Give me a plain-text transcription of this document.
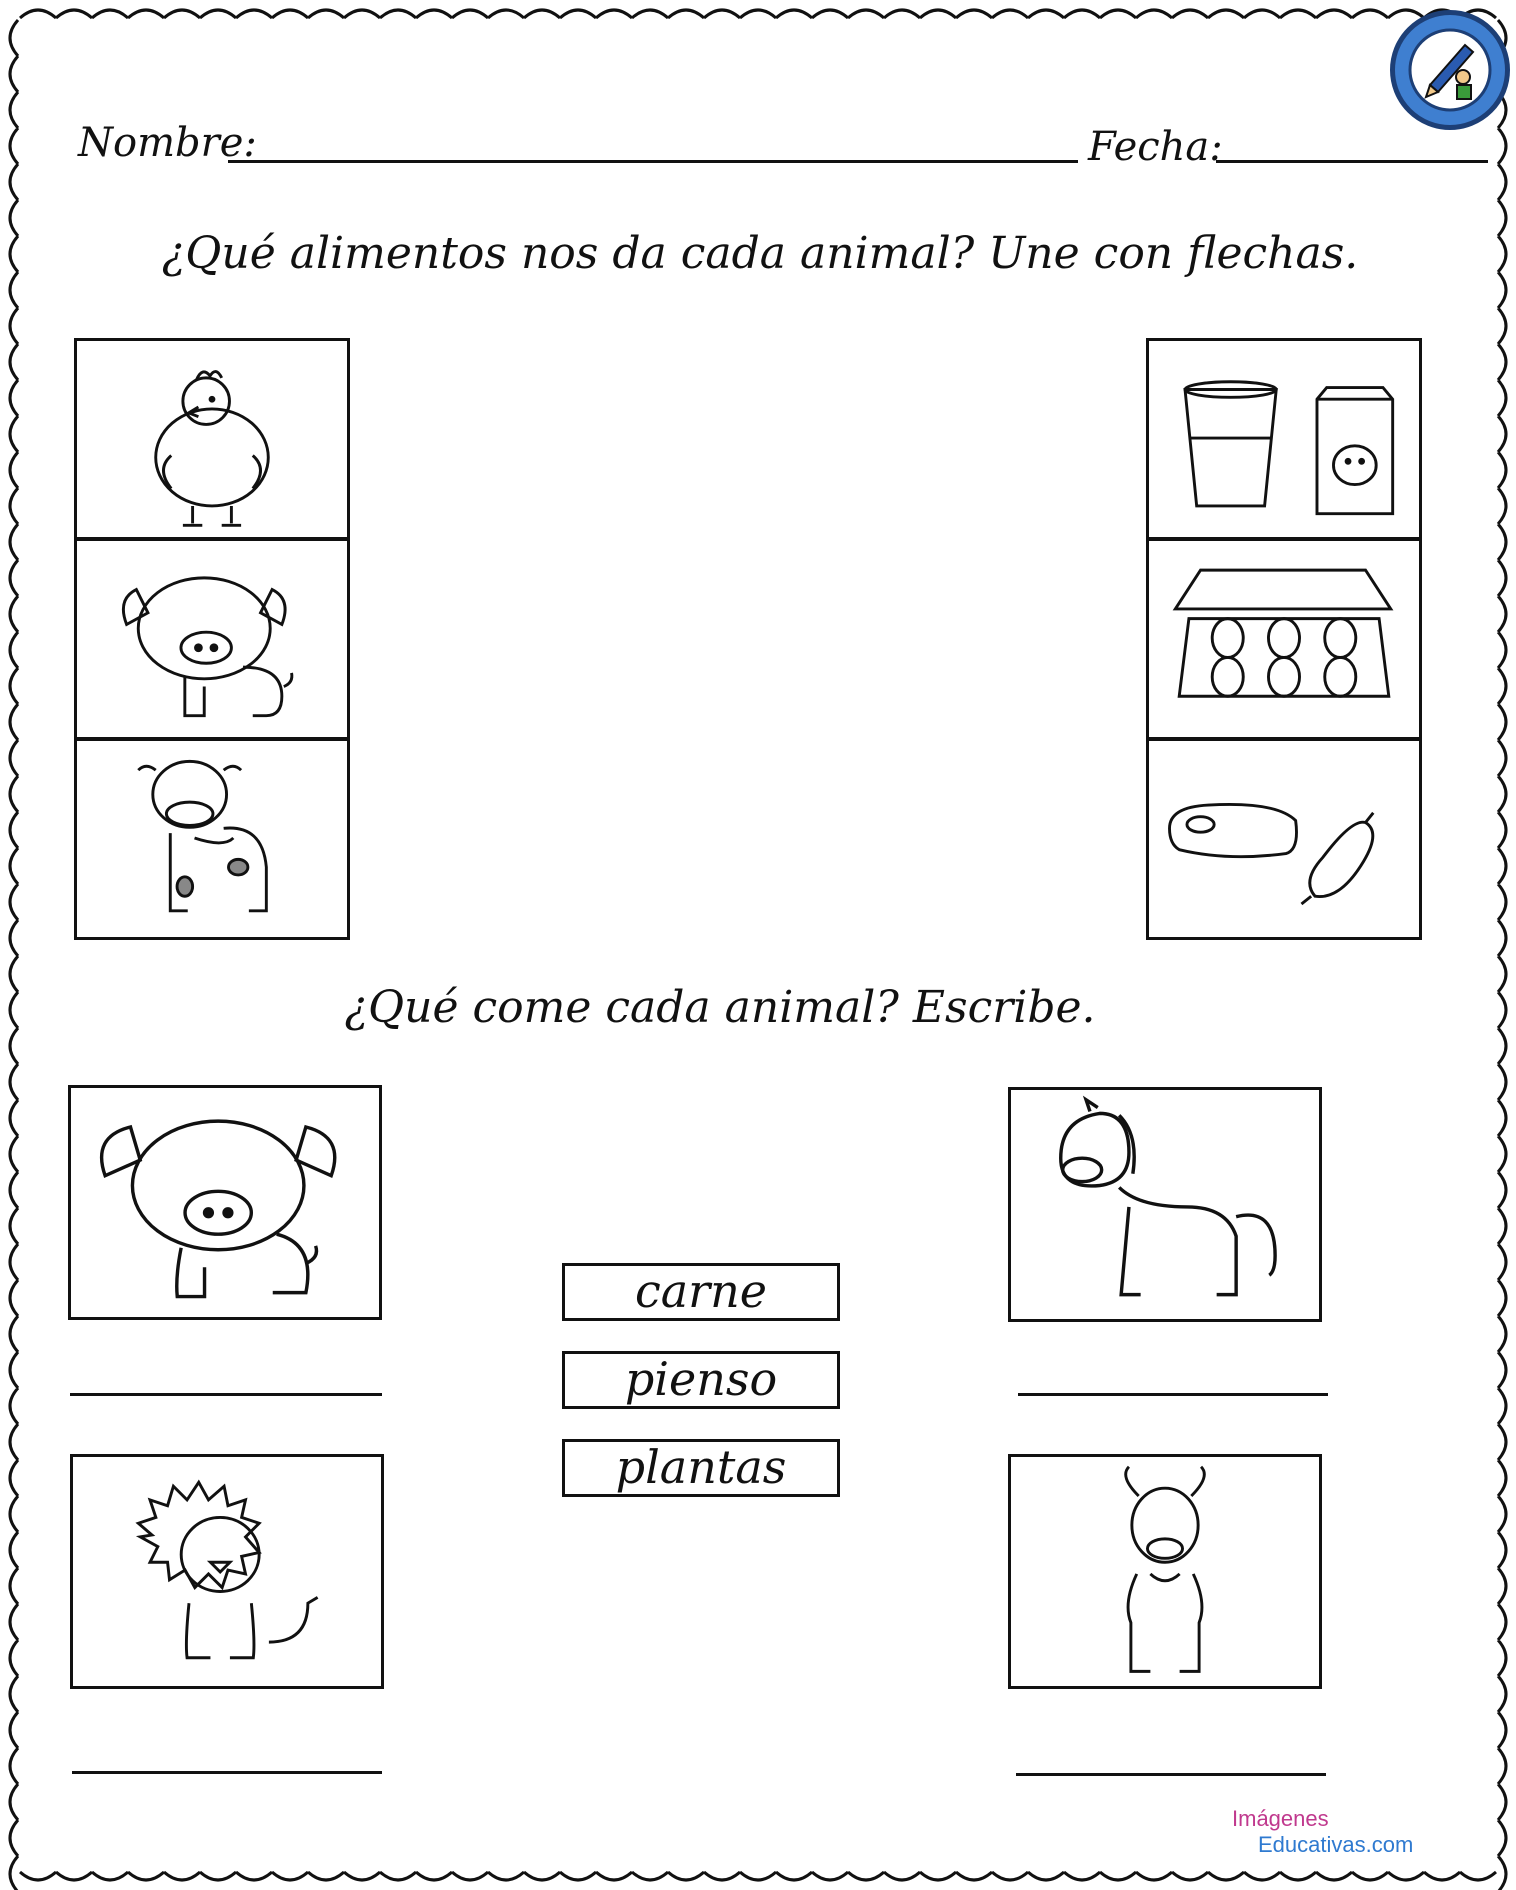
Nombre:	Fecha:
¿Qué alimentos nos da cada animal? Une con flechas.
¿Qué come cada animal? Escribe.
carne
pienso
plantas
Imágenes
Educativas.com
